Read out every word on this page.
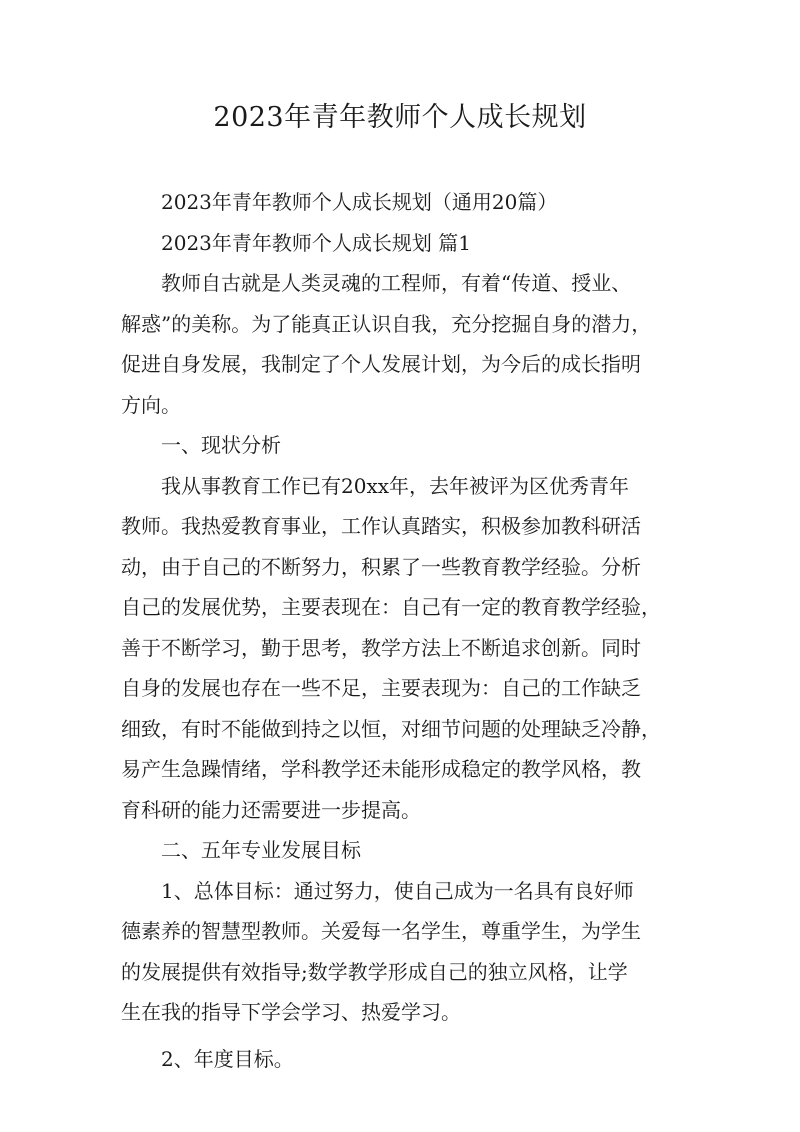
2023年青年教师个人成长规划
2023年青年教师个人成长规划（通用20篇）
2023年青年教师个人成长规划 篇1
教师自古就是人类灵魂的工程师，有着“传道、授业、
解惑”的美称。为了能真正认识自我，充分挖掘自身的潜力，
促进自身发展，我制定了个人发展计划，为今后的成长指明
方向。
一、现状分析
我从事教育工作已有20xx年，去年被评为区优秀青年
教师。我热爱教育事业，工作认真踏实，积极参加教科研活
动，由于自己的不断努力，积累了一些教育教学经验。分析
自己的发展优势，主要表现在：自己有一定的教育教学经验，
善于不断学习，勤于思考，教学方法上不断追求创新。同时
自身的发展也存在一些不足，主要表现为：自己的工作缺乏
细致，有时不能做到持之以恒，对细节问题的处理缺乏冷静，
易产生急躁情绪，学科教学还未能形成稳定的教学风格，教
育科研的能力还需要进一步提高。
二、五年专业发展目标
1、总体目标：通过努力，使自己成为一名具有良好师
德素养的智慧型教师。关爱每一名学生，尊重学生，为学生
的发展提供有效指导;数学教学形成自己的独立风格，让学
生在我的指导下学会学习、热爱学习。
2、年度目标。
